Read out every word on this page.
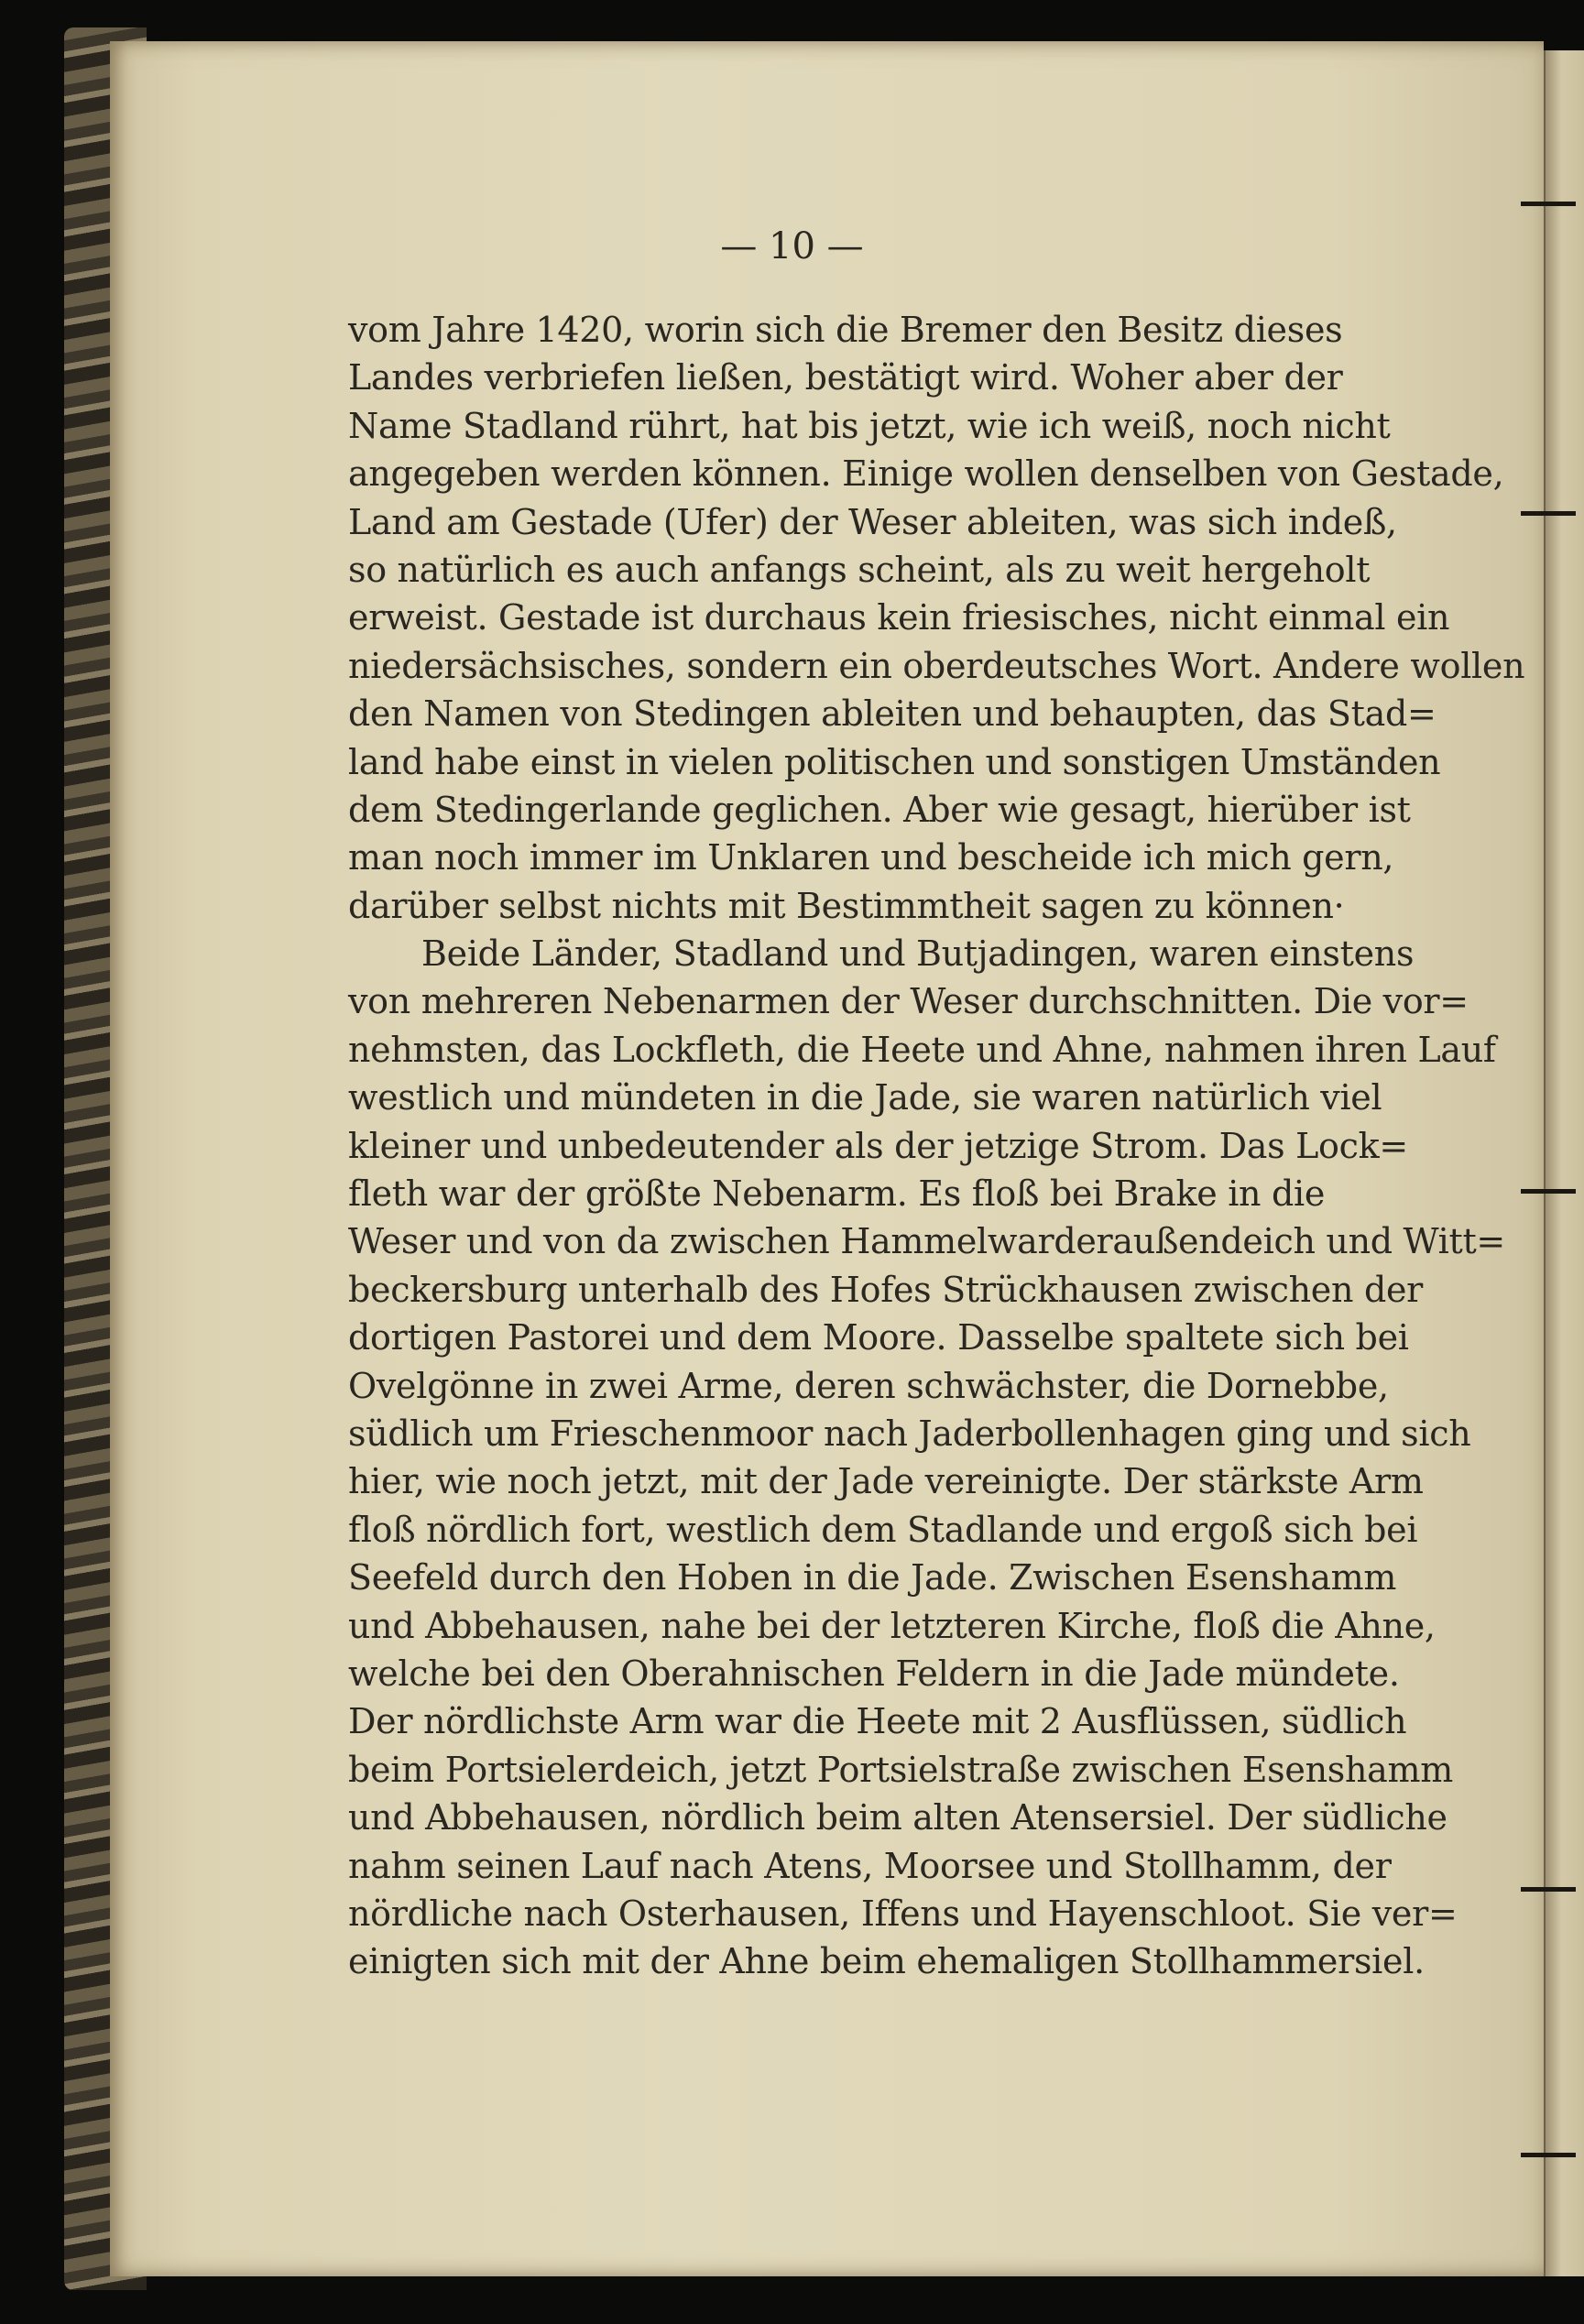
— 10 —
vom Jahre 1420, worin sich die Bremer den Besitz dieses
Landes verbriefen ließen, bestätigt wird. Woher aber der
Name Stadland rührt, hat bis jetzt, wie ich weiß, noch nicht
angegeben werden können. Einige wollen denselben von Gestade,
Land am Gestade (Ufer) der Weser ableiten, was sich indeß,
so natürlich es auch anfangs scheint, als zu weit hergeholt
erweist. Gestade ist durchaus kein friesisches, nicht einmal ein
niedersächsisches, sondern ein oberdeutsches Wort. Andere wollen
den Namen von Stedingen ableiten und behaupten, das Stad=
land habe einst in vielen politischen und sonstigen Umständen
dem Stedingerlande geglichen. Aber wie gesagt, hierüber ist
man noch immer im Unklaren und bescheide ich mich gern,
darüber selbst nichts mit Bestimmtheit sagen zu können·
Beide Länder, Stadland und Butjadingen, waren einstens
von mehreren Nebenarmen der Weser durchschnitten. Die vor=
nehmsten, das Lockfleth, die Heete und Ahne, nahmen ihren Lauf
westlich und mündeten in die Jade, sie waren natürlich viel
kleiner und unbedeutender als der jetzige Strom. Das Lock=
fleth war der größte Nebenarm. Es floß bei Brake in die
Weser und von da zwischen Hammelwarderaußendeich und Witt=
beckersburg unterhalb des Hofes Strückhausen zwischen der
dortigen Pastorei und dem Moore. Dasselbe spaltete sich bei
Ovelgönne in zwei Arme, deren schwächster, die Dornebbe,
südlich um Frieschenmoor nach Jaderbollenhagen ging und sich
hier, wie noch jetzt, mit der Jade vereinigte. Der stärkste Arm
floß nördlich fort, westlich dem Stadlande und ergoß sich bei
Seefeld durch den Hoben in die Jade. Zwischen Esenshamm
und Abbehausen, nahe bei der letzteren Kirche, floß die Ahne,
welche bei den Oberahnischen Feldern in die Jade mündete.
Der nördlichste Arm war die Heete mit 2 Ausflüssen, südlich
beim Portsielerdeich, jetzt Portsielstraße zwischen Esenshamm
und Abbehausen, nördlich beim alten Atensersiel. Der südliche
nahm seinen Lauf nach Atens, Moorsee und Stollhamm, der
nördliche nach Osterhausen, Iffens und Hayenschloot. Sie ver=
einigten sich mit der Ahne beim ehemaligen Stollhammersiel.
